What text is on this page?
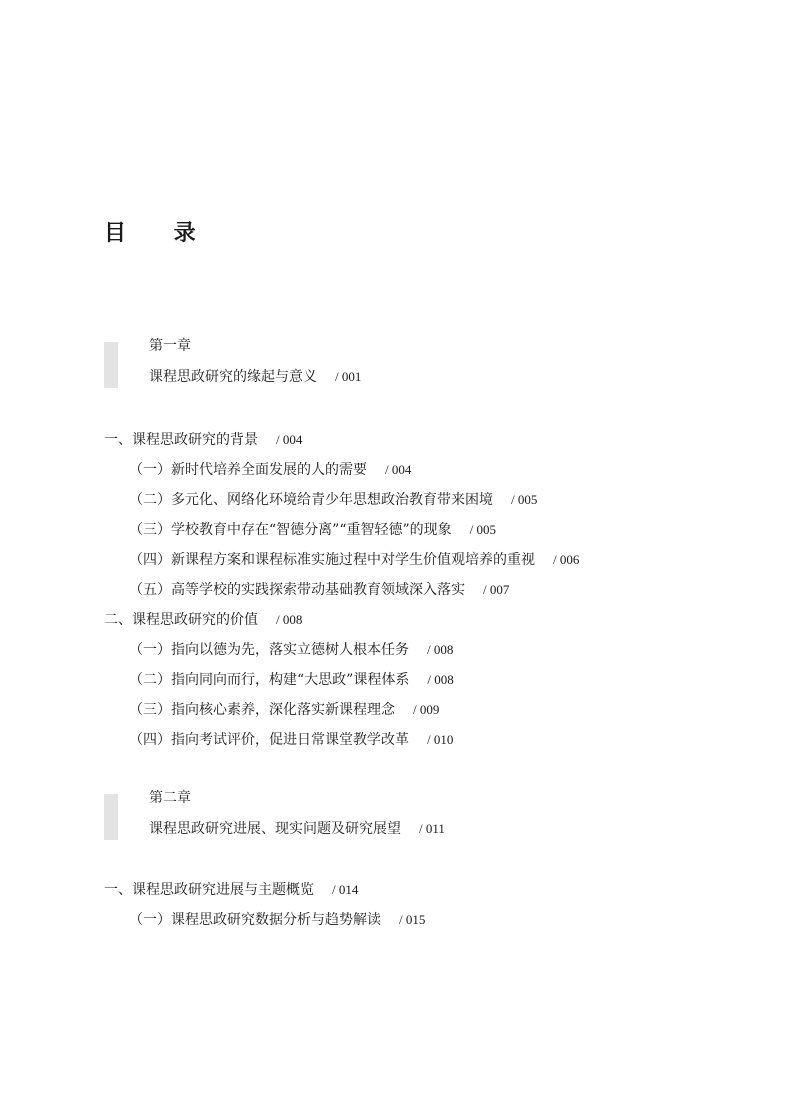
目 录
第一章
课程思政研究的缘起与意义 / 001
一、课程思政研究的背景 / 004
（一）新时代培养全面发展的人的需要 / 004
（二）多元化、网络化环境给青少年思想政治教育带来困境 / 005
（三）学校教育中存在“智德分离”“重智轻德”的现象 / 005
（四）新课程方案和课程标准实施过程中对学生价值观培养的重视 / 006
（五）高等学校的实践探索带动基础教育领域深入落实 / 007
二、课程思政研究的价值 / 008
（一）指向以德为先，落实立德树人根本任务 / 008
（二）指向同向而行，构建“大思政”课程体系 / 008
（三）指向核心素养，深化落实新课程理念 / 009
（四）指向考试评价，促进日常课堂教学改革 / 010
第二章
课程思政研究进展、现实问题及研究展望 / 011
一、课程思政研究进展与主题概览 / 014
（一）课程思政研究数据分析与趋势解读 / 015
